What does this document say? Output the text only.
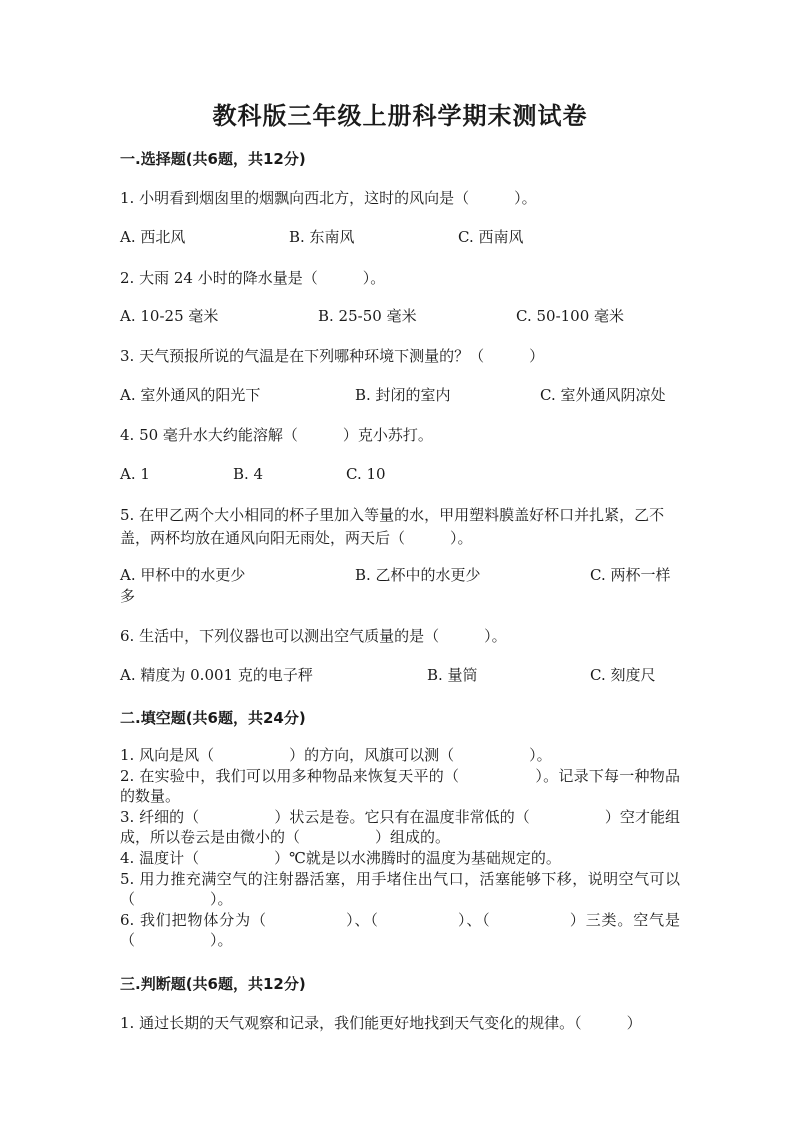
教科版三年级上册科学期末测试卷
一.选择题(共6题，共12分)
1. 小明看到烟囱里的烟飘向西北方，这时的风向是（　　　）。
A. 西北风	B. 东南风	C. 西南风
2. 大雨 24 小时的降水量是（　　　）。
A. 10-25 毫米	B. 25-50 毫米	C. 50-100 毫米
3. 天气预报所说的气温是在下列哪种环境下测量的？（　　　）
A. 室外通风的阳光下	B. 封闭的室内	C. 室外通风阴凉处
4. 50 毫升水大约能溶解（　　　）克小苏打。
A. 1	B. 4	C. 10
5. 在甲乙两个大小相同的杯子里加入等量的水，甲用塑料膜盖好杯口并扎紧，乙不盖，两杯均放在通风向阳无雨处，两天后（　　　）。
A. 甲杯中的水更少	B. 乙杯中的水更少	C. 两杯一样
多
6. 生活中，下列仪器也可以测出空气质量的是（　　　）。
A. 精度为 0.001 克的电子秤	B. 量筒	C. 刻度尺
二.填空题(共6题，共24分)
1. 风向是风（　　　　　）的方向，风旗可以测（　　　　　）。
2. 在实验中，我们可以用多种物品来恢复天平的（　　　　　）。记录下每一种物品的数量。
3. 纤细的（　　　　　）状云是卷。它只有在温度非常低的（　　　　　）空才能组成，所以卷云是由微小的（　　　　　）组成的。
4. 温度计（　　　　　）℃就是以水沸腾时的温度为基础规定的。
5. 用力推充满空气的注射器活塞，用手堵住出气口，活塞能够下移，说明空气可以（　　　　　）。
6. 我们把物体分为（　　　　　）、（　　　　　）、（　　　　　）三类。空气是（　　　　　）。
三.判断题(共6题，共12分)
1. 通过长期的天气观察和记录，我们能更好地找到天气变化的规律。（　　　）
